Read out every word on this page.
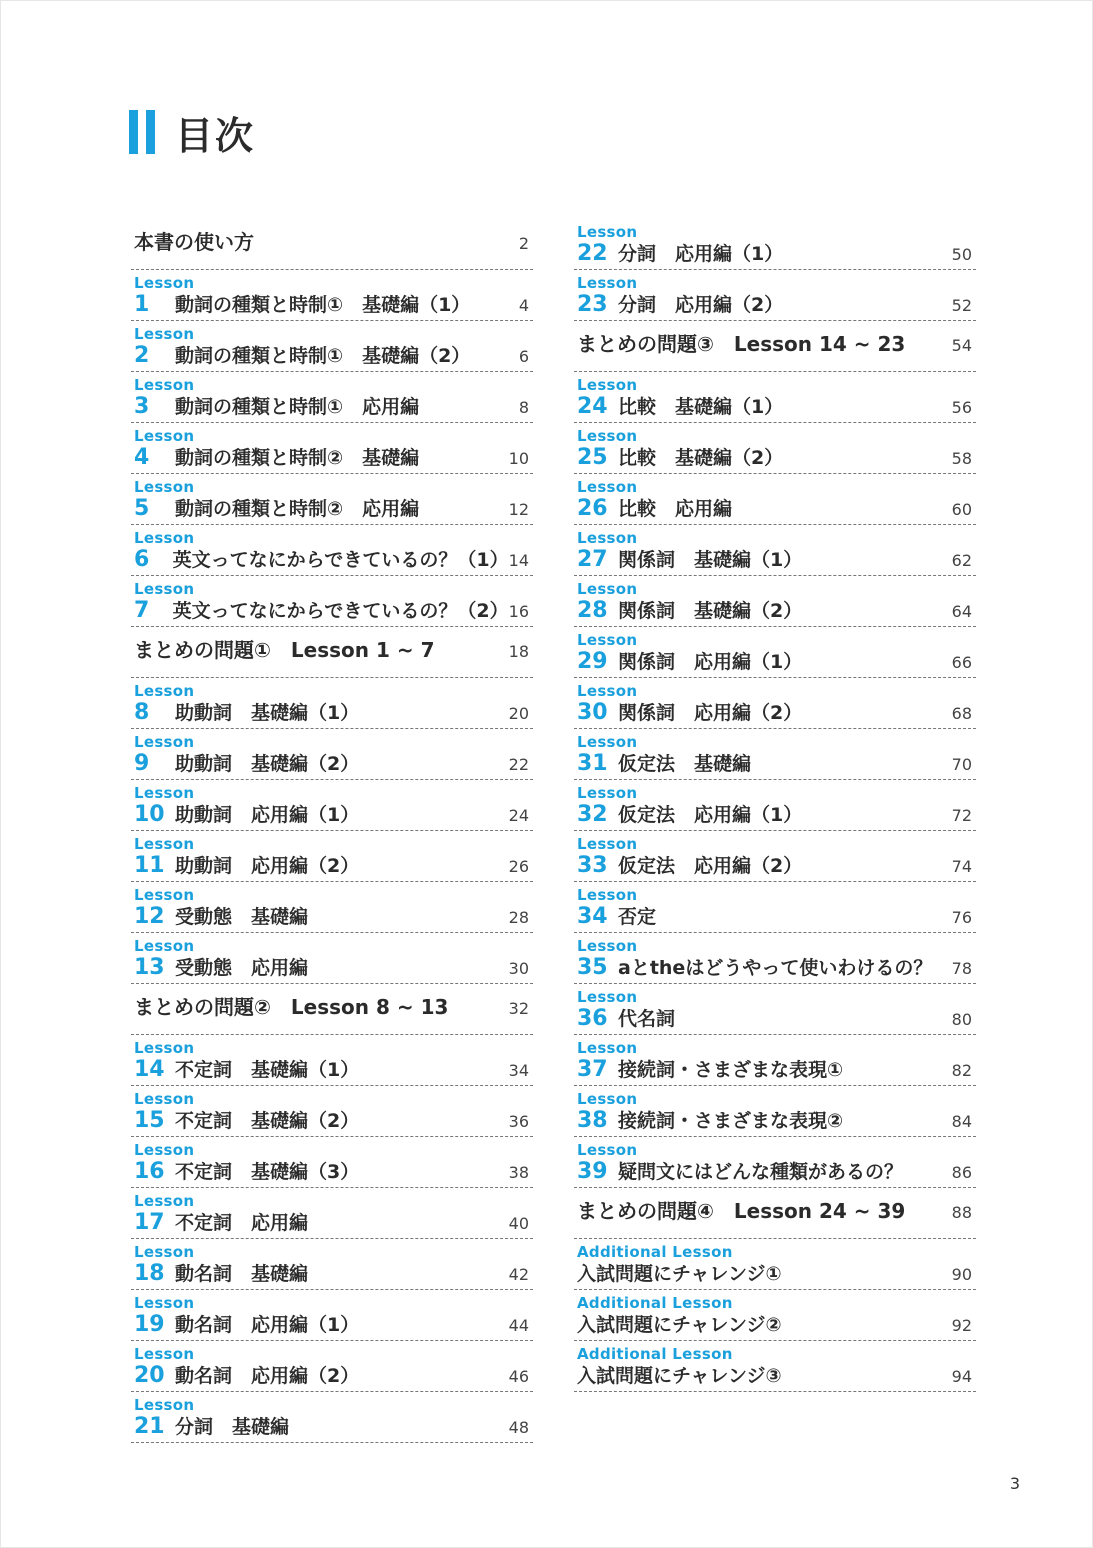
目次
本書の使い方	2
Lesson
1	動詞の種類と時制①　基礎編（1）	4
Lesson
2	動詞の種類と時制①　基礎編（2）	6
Lesson
3	動詞の種類と時制①　応用編	8
Lesson
4	動詞の種類と時制②　基礎編	10
Lesson
5	動詞の種類と時制②　応用編	12
Lesson
6	英文ってなにからできているの？（1） 14
Lesson
7	英文ってなにからできているの？（2） 16
まとめの問題①　Lesson 1 ~ 7	18
Lesson
8	助動詞　基礎編（1）	20
Lesson
9	助動詞　基礎編（2）	22
Lesson
10 助動詞　応用編（1）	24
Lesson
11 助動詞　応用編（2）	26
Lesson
12 受動態　基礎編	28
Lesson
13 受動態　応用編	30
まとめの問題②　Lesson 8 ~ 13	32
Lesson
14 不定詞　基礎編（1）	34
Lesson
15 不定詞　基礎編（2）	36
Lesson
16 不定詞　基礎編（3）	38
Lesson
17 不定詞　応用編	40
Lesson
18 動名詞　基礎編	42
Lesson
19 動名詞　応用編（1）	44
Lesson
20 動名詞　応用編（2）	46
Lesson
21 分詞　基礎編	48
Lesson
22 分詞　応用編（1）	50
Lesson
23 分詞　応用編（2）	52
まとめの問題③　Lesson 14 ~ 23	54
Lesson
24 比較　基礎編（1）	56
Lesson
25 比較　基礎編（2）	58
Lesson
26 比較　応用編	60
Lesson
27 関係詞　基礎編（1）	62
Lesson
28 関係詞　基礎編（2）	64
Lesson
29 関係詞　応用編（1）	66
Lesson
30 関係詞　応用編（2）	68
Lesson
31 仮定法　基礎編	70
Lesson
32 仮定法　応用編（1）	72
Lesson
33 仮定法　応用編（2）	74
Lesson
34 否定	76
Lesson
35 aとtheはどうやって使いわけるの？	78
Lesson
36 代名詞	80
Lesson
37 接続詞・さまざまな表現①	82
Lesson
38 接続詞・さまざまな表現②	84
Lesson
39 疑問文にはどんな種類があるの？	86
まとめの問題④　Lesson 24 ~ 39	88
Additional Lesson
入試問題にチャレンジ①	90
Additional Lesson
入試問題にチャレンジ②	92
Additional Lesson
入試問題にチャレンジ③	94
3
